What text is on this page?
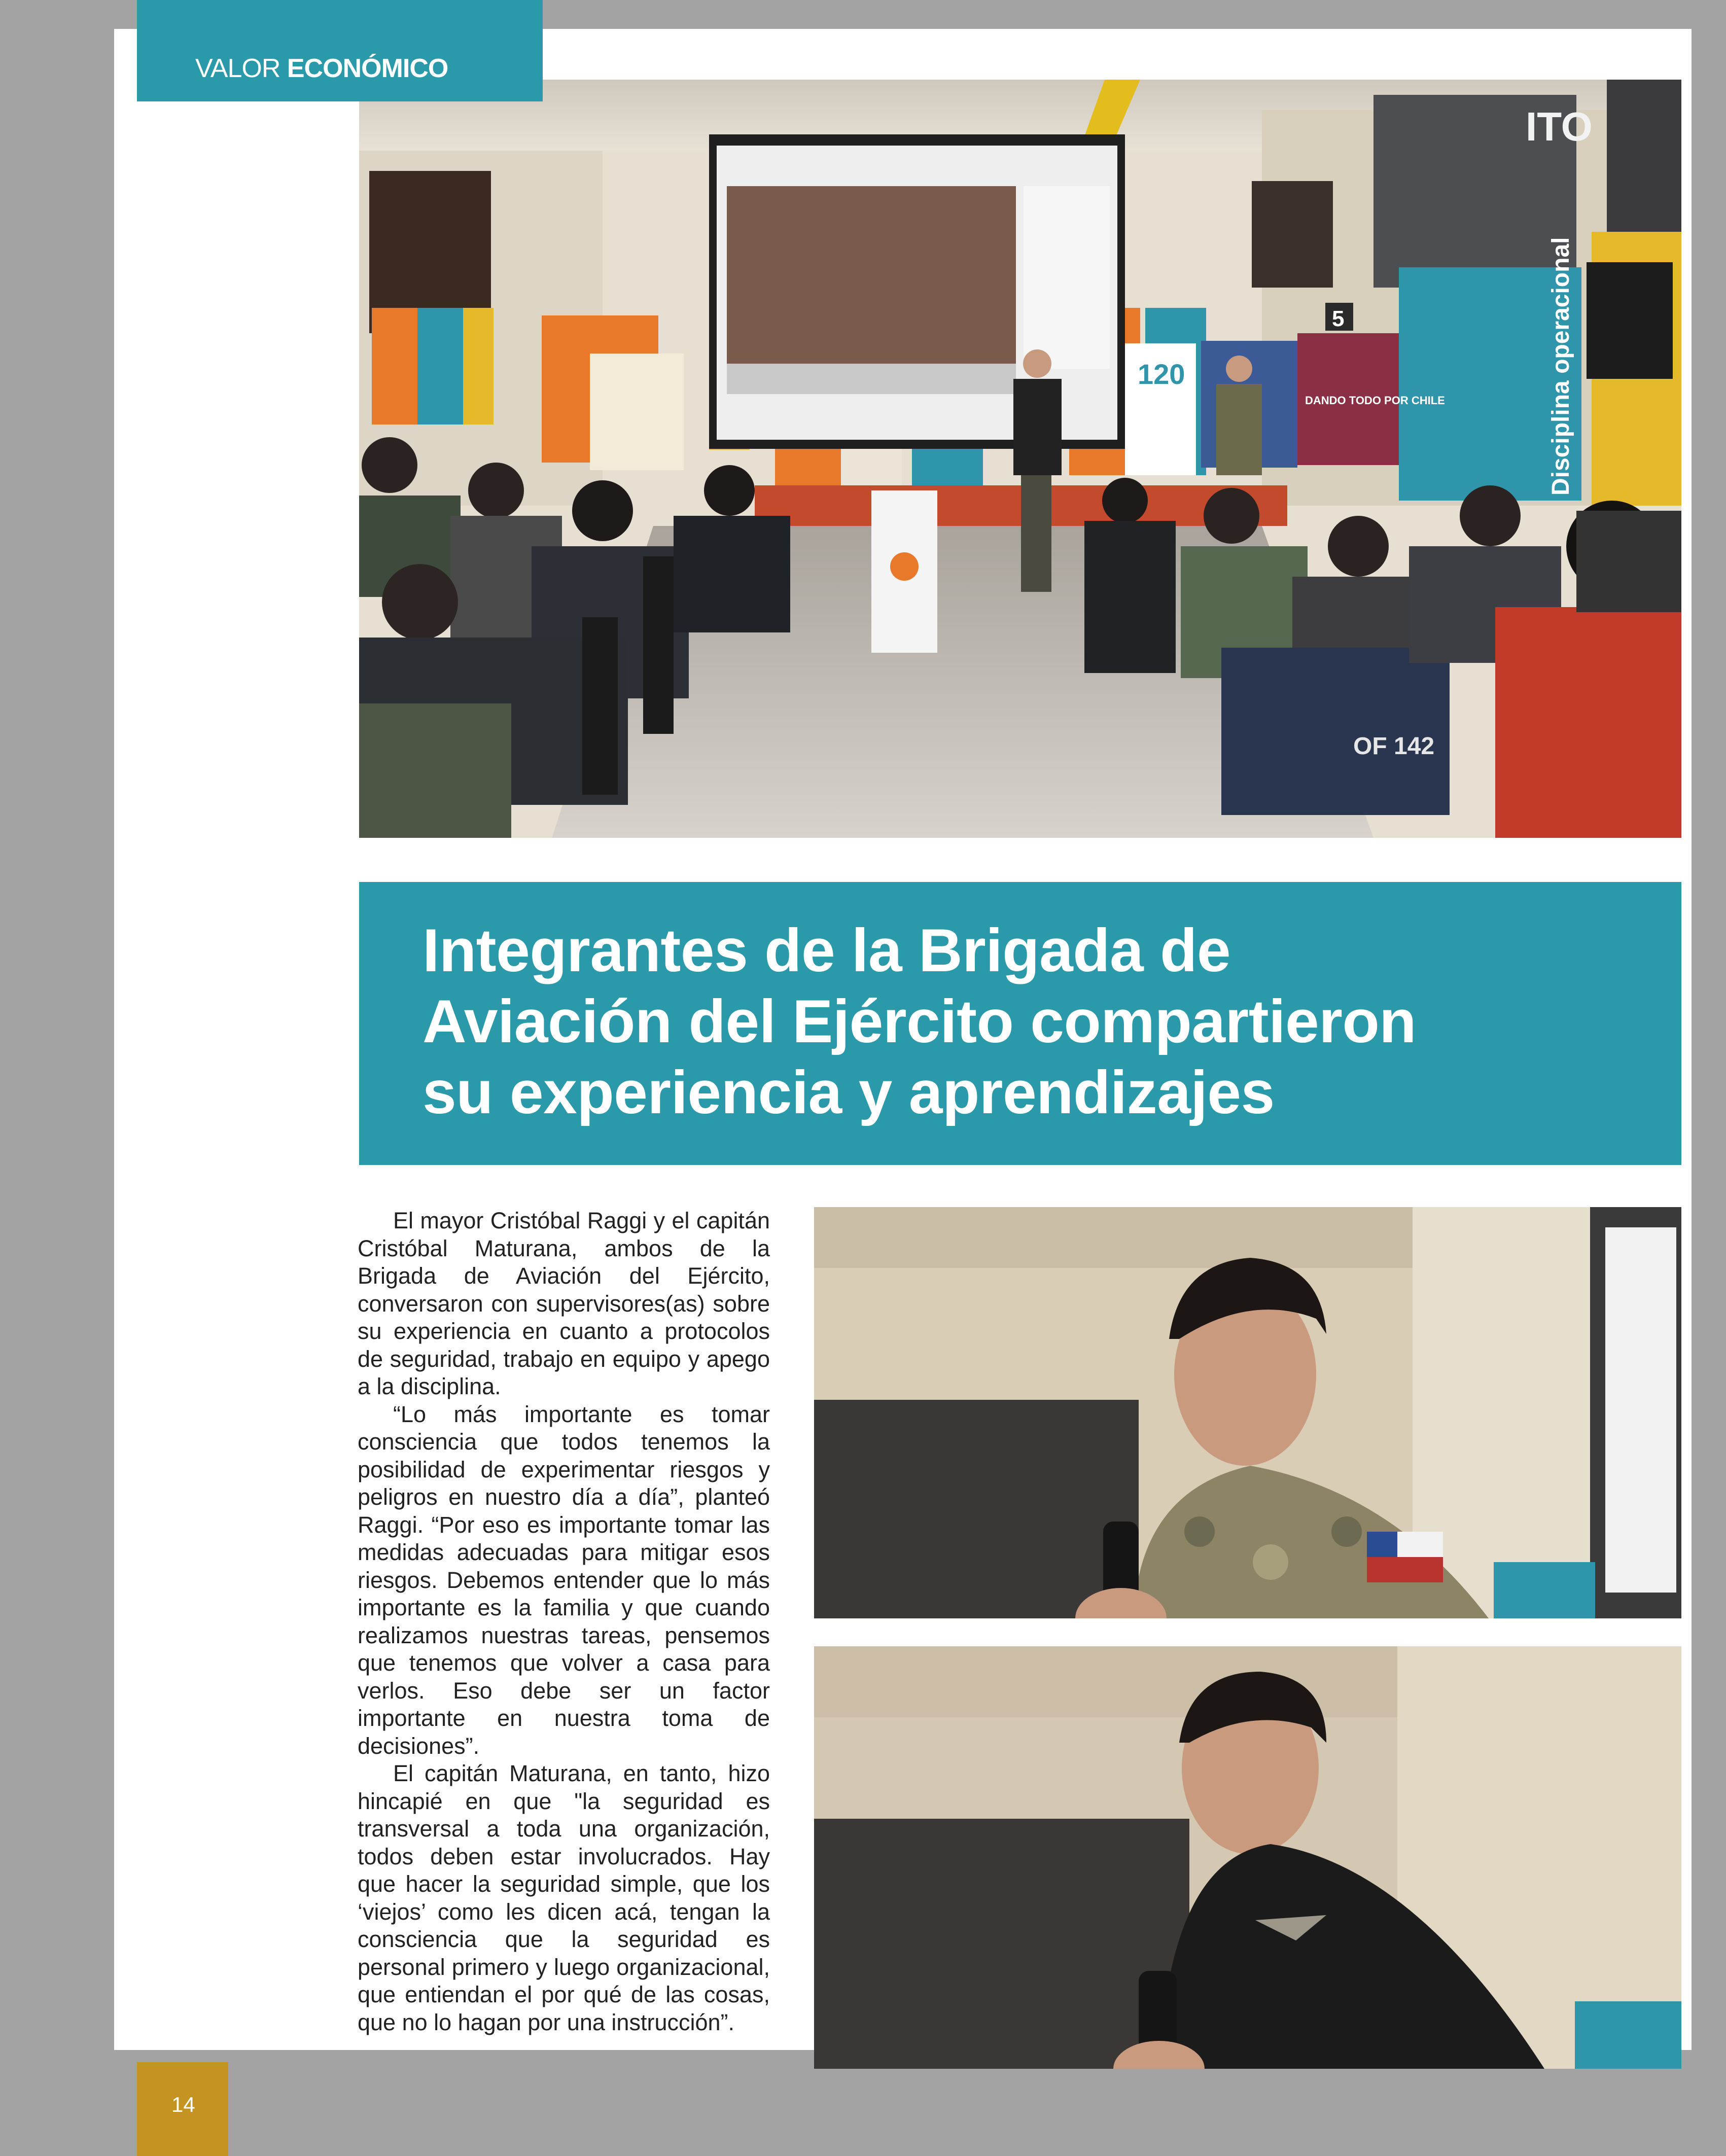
ITO
Disciplina operacional
5
120
DANDO TODO POR CHILE
OF 142
Integrantes de la Brigada de
Aviación del Ejército compartieron
su experiencia y aprendizajes

El mayor Cristóbal Raggi y el capitán Cristóbal Maturana, ambos de la Brigada de Aviación del Ejército, conversaron con supervisores(as) sobre su experiencia en cuanto a protocolos de seguridad, trabajo en equipo y apego a la disciplina.

“Lo más importante es tomar consciencia que todos tenemos la posibilidad de experimentar riesgos y peligros en nuestro día a día”, planteó Raggi. “Por eso es importante tomar las medidas adecuadas para mitigar esos riesgos. Debemos entender que lo más importante es la familia y que cuando realizamos nuestras tareas, pensemos que tenemos que volver a casa para verlos. Eso debe ser un factor importante en nuestra toma de decisiones”.

El capitán Maturana, en tanto, hizo hincapié en que "la seguridad es transversal a toda una organización, todos deben estar involucrados. Hay que hacer la seguridad simple, que los ‘viejos’ como les dicen acá, tengan la consciencia que la seguridad es personal primero y luego organizacional, que entiendan el por qué de las cosas, que no lo hagan por una instrucción”.

VALOR ECONÓMICO
14
